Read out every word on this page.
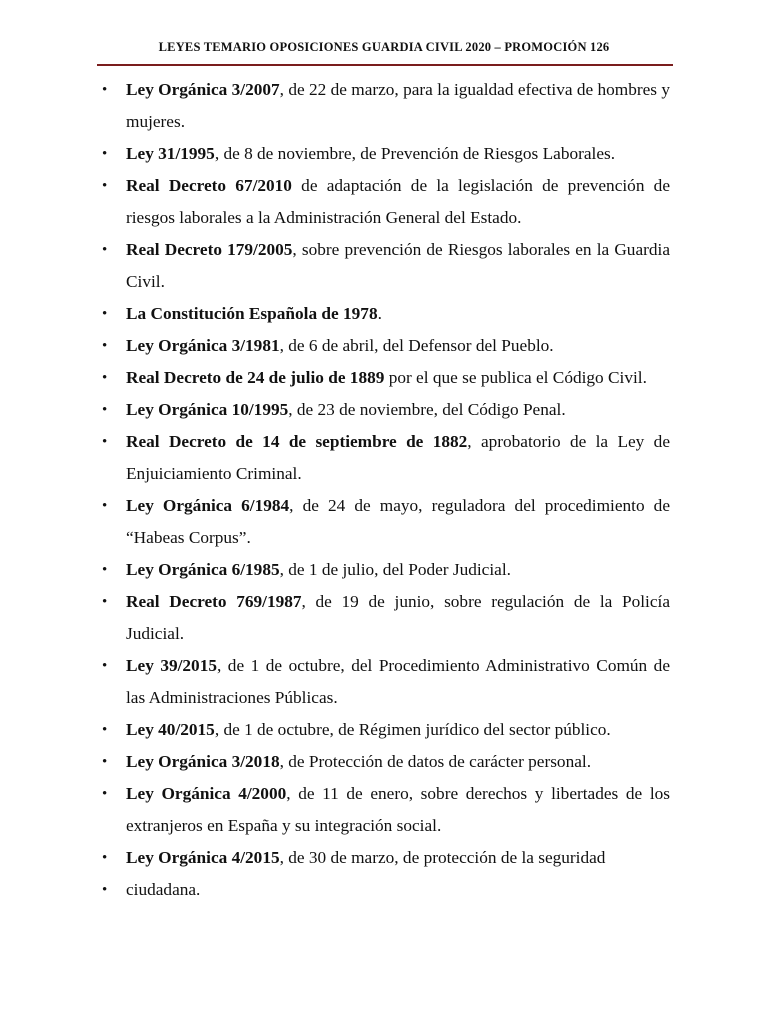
LEYES TEMARIO OPOSICIONES GUARDIA CIVIL 2020 – PROMOCIÓN 126
• Ley Orgánica 3/2007, de 22 de marzo, para la igualdad efectiva de hombres y mujeres.
• Ley 31/1995, de 8 de noviembre, de Prevención de Riesgos Laborales.
• Real Decreto 67/2010 de adaptación de la legislación de prevención de riesgos laborales a la Administración General del Estado.
• Real Decreto 179/2005, sobre prevención de Riesgos laborales en la Guardia Civil.
• La Constitución Española de 1978.
• Ley Orgánica 3/1981, de 6 de abril, del Defensor del Pueblo.
• Real Decreto de 24 de julio de 1889 por el que se publica el Código Civil.
• Ley Orgánica 10/1995, de 23 de noviembre, del Código Penal.
• Real Decreto de 14 de septiembre de 1882, aprobatorio de la Ley de Enjuiciamiento Criminal.
• Ley Orgánica 6/1984, de 24 de mayo, reguladora del procedimiento de “Habeas Corpus”.
• Ley Orgánica 6/1985, de 1 de julio, del Poder Judicial.
• Real Decreto 769/1987, de 19 de junio, sobre regulación de la Policía Judicial.
• Ley 39/2015, de 1 de octubre, del Procedimiento Administrativo Común de las Administraciones Públicas.
• Ley 40/2015, de 1 de octubre, de Régimen jurídico del sector público.
• Ley Orgánica 3/2018, de Protección de datos de carácter personal.
• Ley Orgánica 4/2000, de 11 de enero, sobre derechos y libertades de los extranjeros en España y su integración social.
• Ley Orgánica 4/2015, de 30 de marzo, de protección de la seguridad
• ciudadana.
